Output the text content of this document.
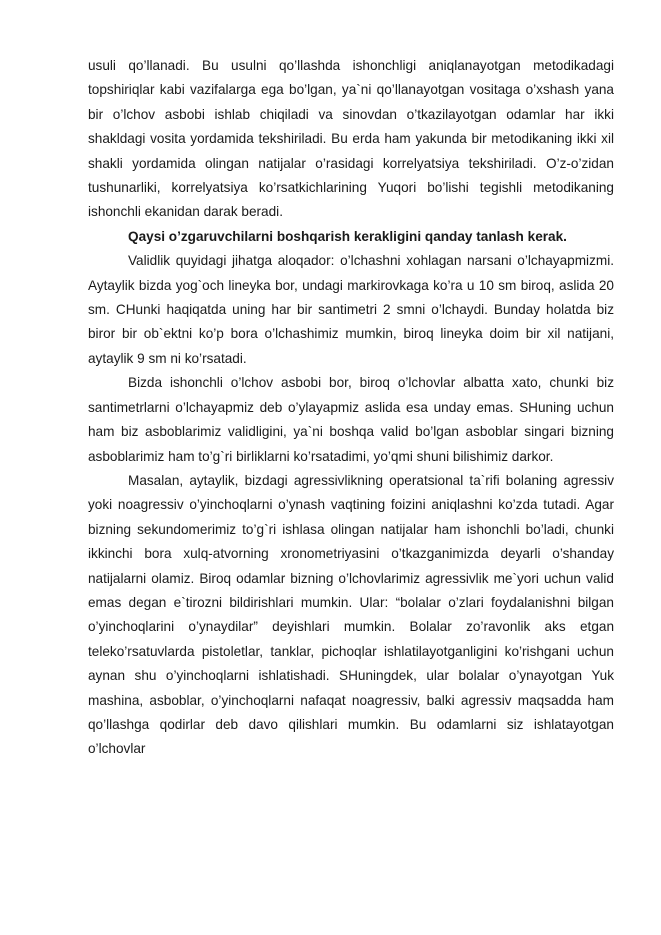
usuli qo’llanadi. Bu usulni qo’llashda ishonchligi aniqlanayotgan metodikadagi topshiriqlar kabi vazifalarga ega bo’lgan, ya`ni qo’llanayotgan vositaga o’xshash yana bir o’lchov asbobi ishlab chiqiladi va sinovdan o’tkazilayotgan odamlar har ikki shakldagi vosita yordamida tekshiriladi. Bu erda ham yakunda bir metodikaning ikki xil shakli yordamida olingan natijalar o’rasidagi korrelyatsiya tekshiriladi. O’z-o’zidan tushunarliki, korrelyatsiya ko’rsatkichlarining Yuqori bo’lishi tegishli metodikaning ishonchli ekanidan darak beradi.

Qaysi o’zgaruvchilarni boshqarish kerakligini qanday tanlash kerak.

Validlik quyidagi jihatga aloqador: o’lchashni xohlagan narsani o’lchayapmizmi. Aytaylik bizda yog`och lineyka bor, undagi markirovkaga ko’ra u 10 sm biroq, aslida 20 sm. CHunki haqiqatda uning har bir santimetri 2 smni o’lchaydi. Bunday holatda biz biror bir ob`ektni ko’p bora o’lchashimiz mumkin, biroq lineyka doim bir xil natijani, aytaylik 9 sm ni ko’rsatadi.

Bizda ishonchli o’lchov asbobi bor, biroq o’lchovlar albatta xato, chunki biz santimetrlarni o’lchayapmiz deb o’ylayapmiz aslida esa unday emas. SHuning uchun ham biz asboblarimiz validligini, ya`ni boshqa valid bo’lgan asboblar singari bizning asboblarimiz ham to’g`ri birliklarni ko’rsatadimi, yo’qmi shuni bilishimiz darkor.

Masalan, aytaylik, bizdagi agressivlikning operatsional ta`rifi bolaning agressiv yoki noagressiv o’yinchoqlarni o’ynash vaqtining foizini aniqlashni ko’zda tutadi. Agar bizning sekundomerimiz to’g`ri ishlasa olingan natijalar ham ishonchli bo’ladi, chunki ikkinchi bora xulq-atvorning xronometriyasini o’tkazganimizda deyarli o’shanday natijalarni olamiz. Biroq odamlar bizning o’lchovlarimiz agressivlik me`yori uchun valid emas degan e`tirozni bildirishlari mumkin. Ular: “bolalar o’zlari foydalanishni bilgan o’yinchoqlarini o’ynaydilar” deyishlari mumkin. Bolalar zo’ravonlik aks etgan teleko’rsatuvlarda pistoletlar, tanklar, pichoqlar ishlatilayotganligini ko’rishgani uchun aynan shu o’yinchoqlarni ishlatishadi. SHuningdek, ular bolalar o’ynayotgan Yuk mashina, asboblar, o’yinchoqlarni nafaqat noagressiv, balki agressiv maqsadda ham qo’llashga qodirlar deb davo qilishlari mumkin. Bu odamlarni siz ishlatayotgan o’lchovlar
